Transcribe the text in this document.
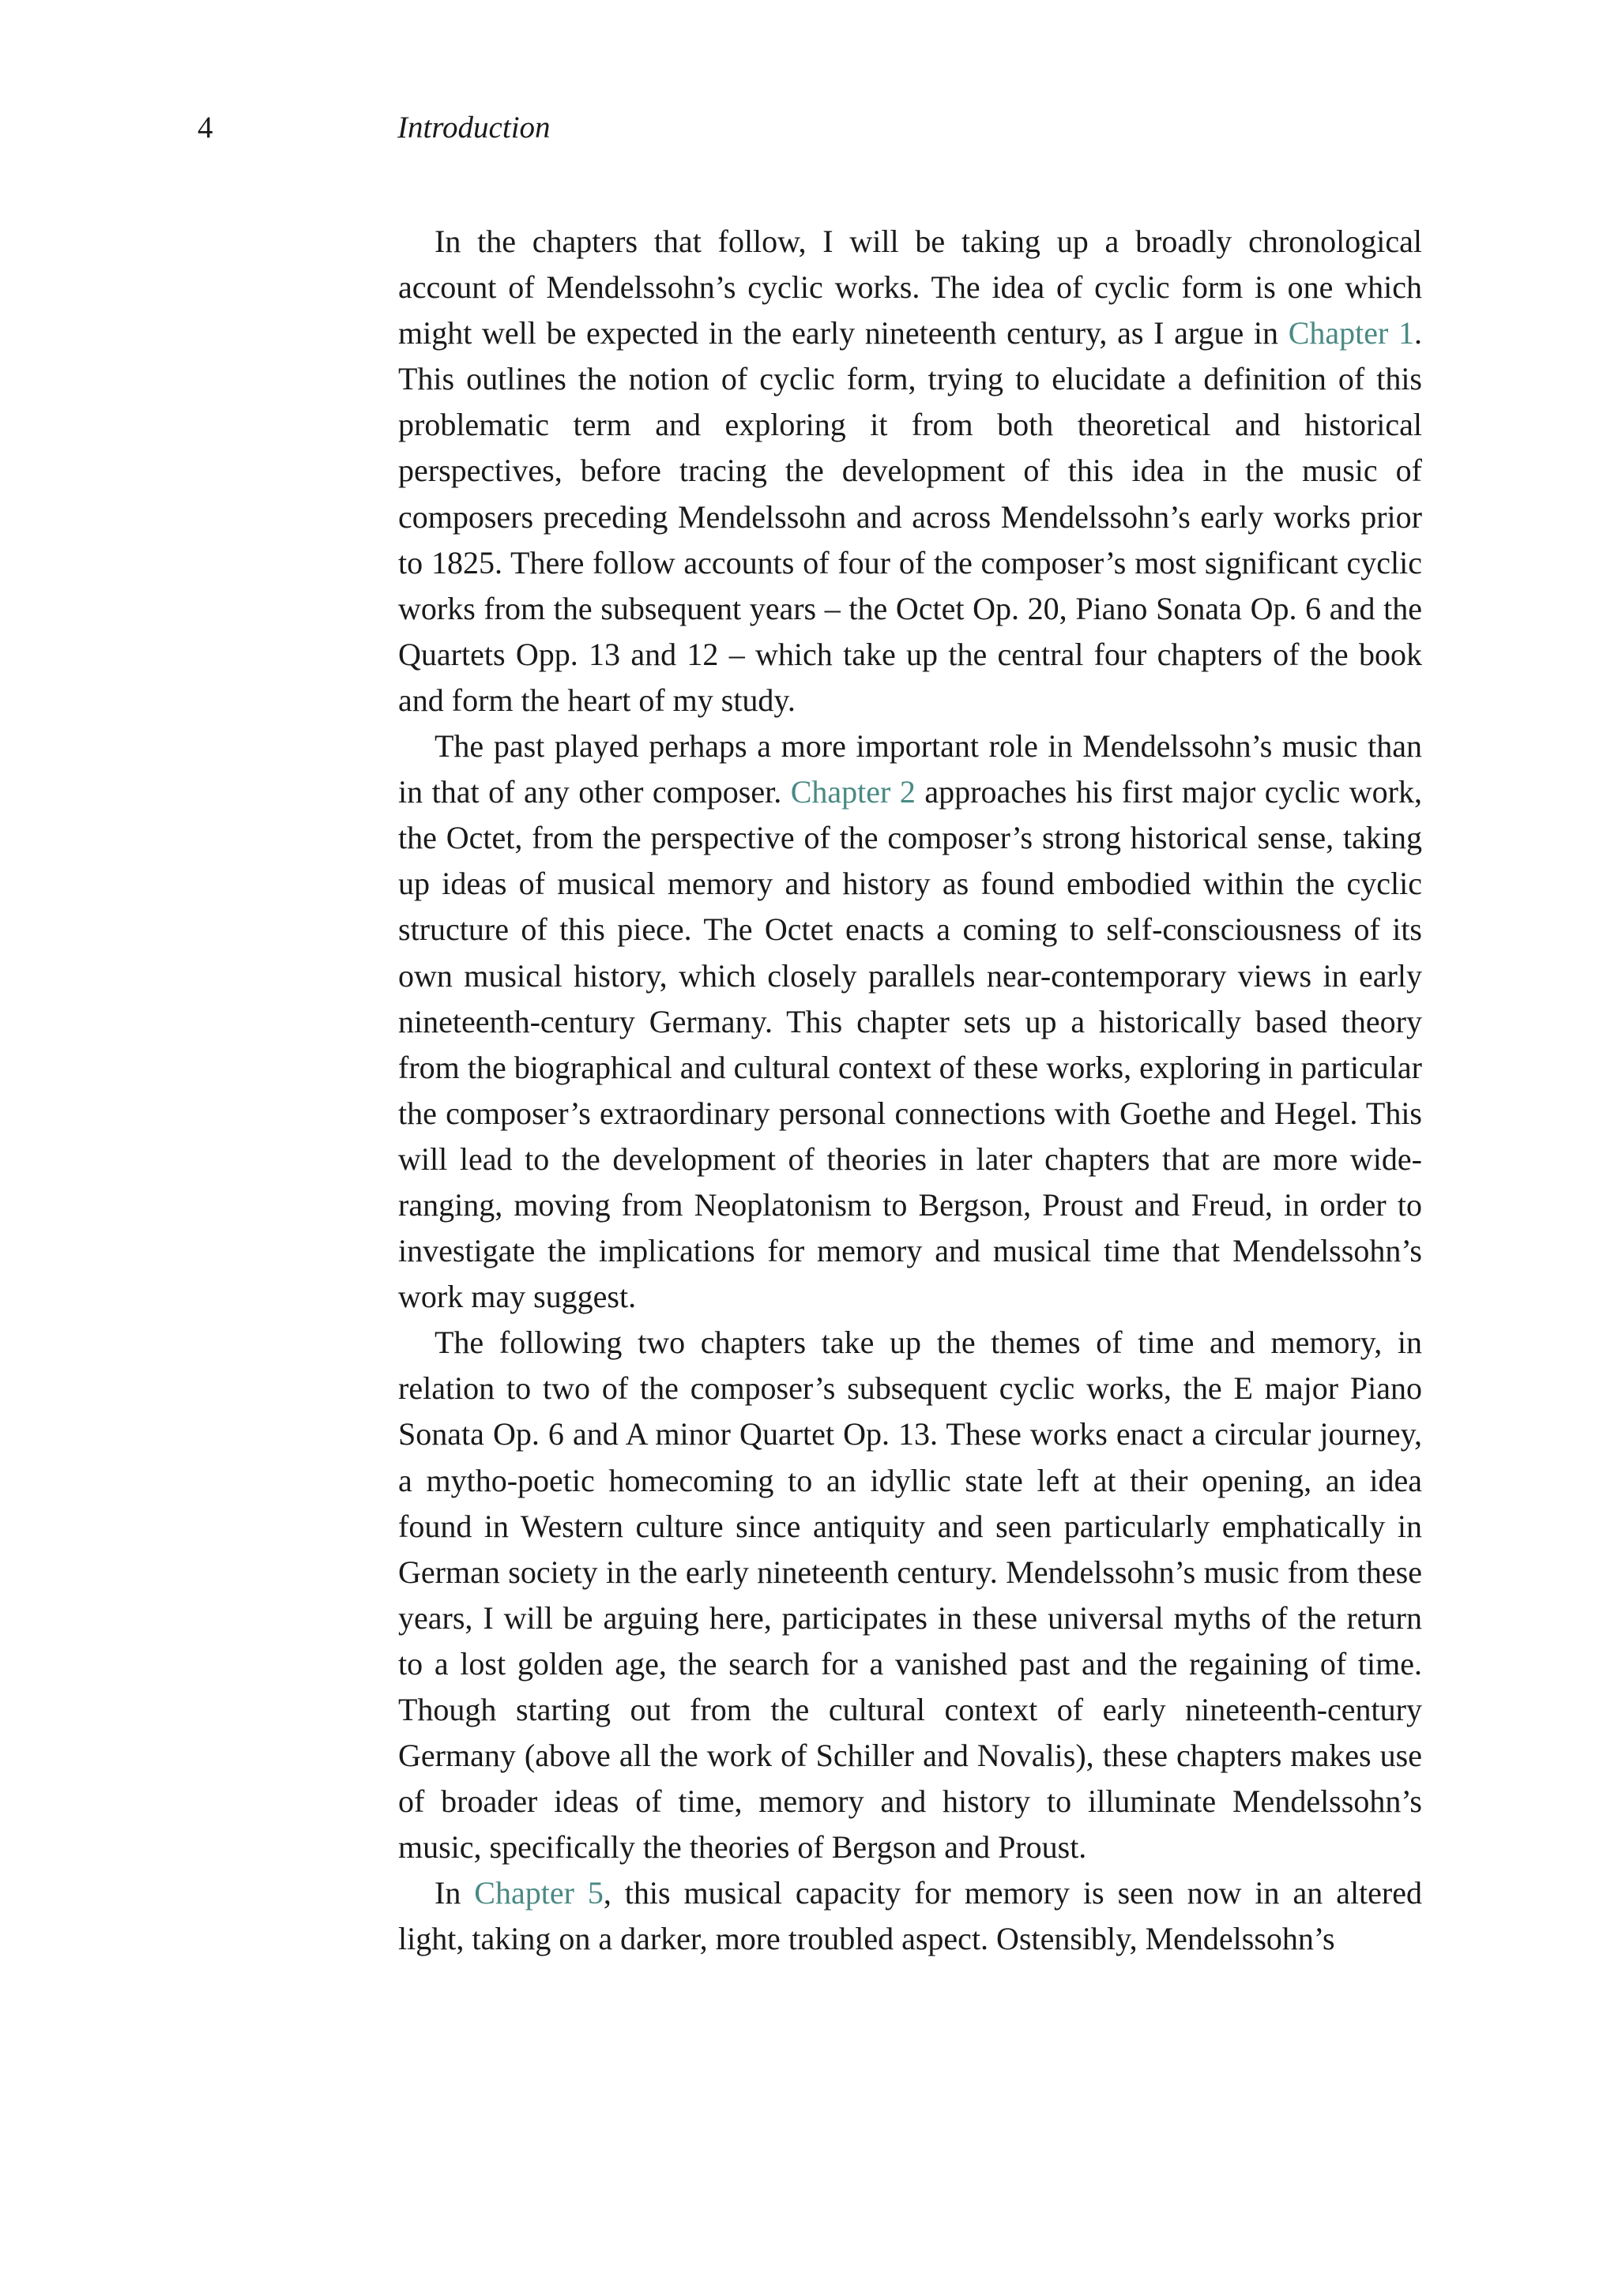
4	Introduction

In the chapters that follow, I will be taking up a broadly chronological account of Mendelssohn’s cyclic works. The idea of cyclic form is one which might well be expected in the early nineteenth century, as I argue in Chapter 1. This outlines the notion of cyclic form, trying to elucidate a definition of this problematic term and exploring it from both theoretical and historical perspectives, before tracing the development of this idea in the music of composers preceding Mendelssohn and across Mendelssohn’s early works prior to 1825. There follow accounts of four of the composer’s most significant cyclic works from the subsequent years – the Octet Op. 20, Piano Sonata Op. 6 and the Quartets Opp. 13 and 12 – which take up the central four chapters of the book and form the heart of my study.

The past played perhaps a more important role in Mendelssohn’s music than in that of any other composer. Chapter 2 approaches his first major cyclic work, the Octet, from the perspective of the composer’s strong historical sense, taking up ideas of musical memory and history as found embodied within the cyclic structure of this piece. The Octet enacts a coming to self-consciousness of its own musical history, which closely parallels near-contemporary views in early nineteenth-century Germany. This chapter sets up a historically based theory from the biographical and cultural context of these works, exploring in particular the composer’s extraordinary personal connections with Goethe and Hegel. This will lead to the development of theories in later chapters that are more wide-ranging, moving from Neoplatonism to Bergson, Proust and Freud, in order to investigate the implications for memory and musical time that Mendelssohn’s work may suggest.

The following two chapters take up the themes of time and memory, in relation to two of the composer’s subsequent cyclic works, the E major Piano Sonata Op. 6 and A minor Quartet Op. 13. These works enact a circular journey, a mytho-poetic homecoming to an idyllic state left at their opening, an idea found in Western culture since antiquity and seen particularly emphatically in German society in the early nineteenth century. Mendelssohn’s music from these years, I will be arguing here, participates in these universal myths of the return to a lost golden age, the search for a vanished past and the regaining of time. Though starting out from the cultural context of early nineteenth-century Germany (above all the work of Schiller and Novalis), these chapters makes use of broader ideas of time, memory and history to illuminate Mendelssohn’s music, specifically the theories of Bergson and Proust.

In Chapter 5, this musical capacity for memory is seen now in an altered light, taking on a darker, more troubled aspect. Ostensibly, Mendelssohn’s
